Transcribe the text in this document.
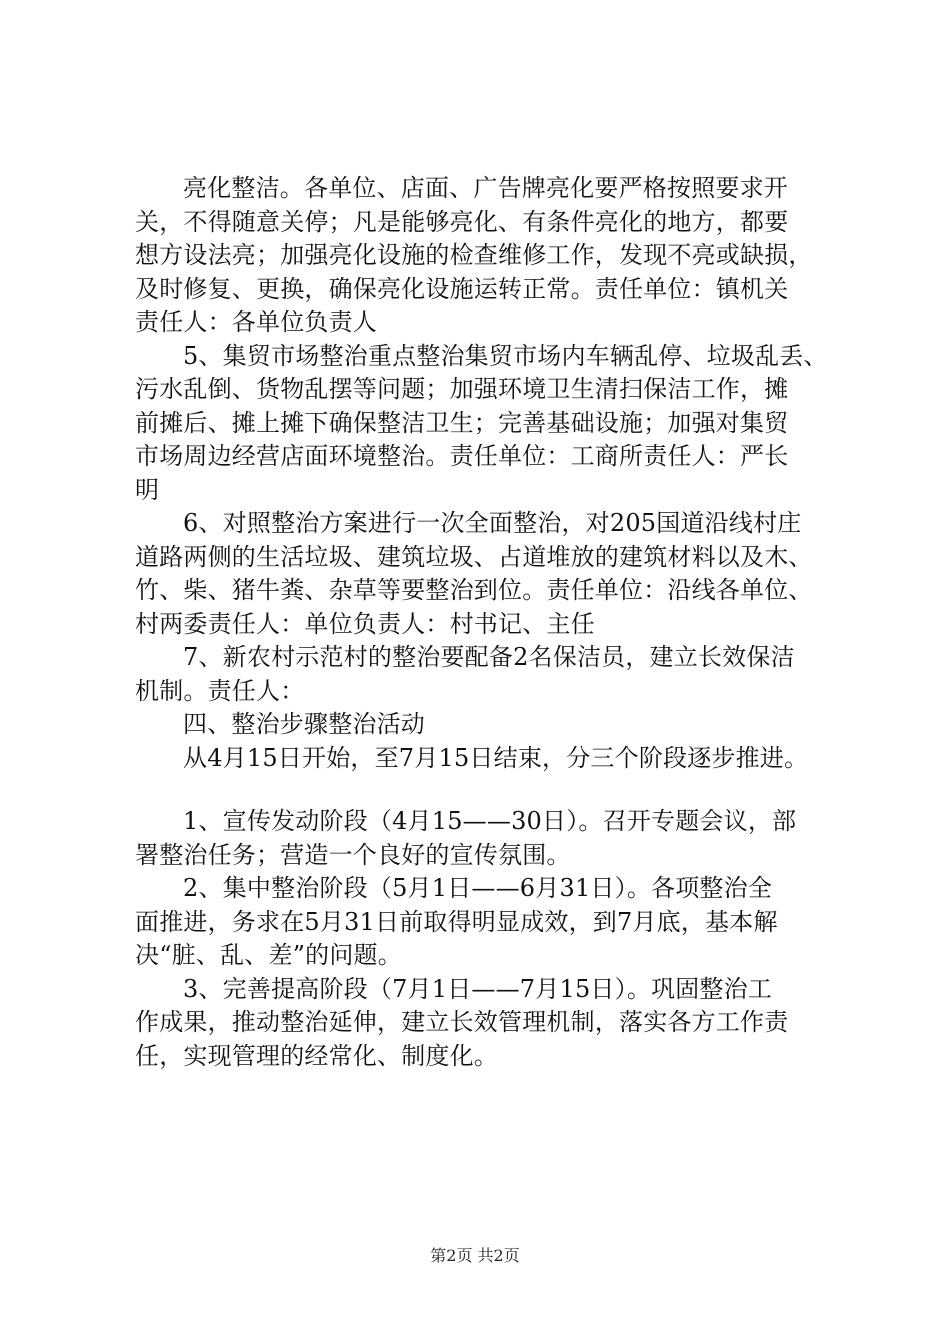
亮化整洁。各单位、店面、广告牌亮化要严格按照要求开
关，不得随意关停；凡是能够亮化、有条件亮化的地方，都要
想方设法亮；加强亮化设施的检查维修工作，发现不亮或缺损，
及时修复、更换，确保亮化设施运转正常。责任单位：镇机关
责任人：各单位负责人
5、集贸市场整治重点整治集贸市场内车辆乱停、垃圾乱丢、
污水乱倒、货物乱摆等问题；加强环境卫生清扫保洁工作，摊
前摊后、摊上摊下确保整洁卫生；完善基础设施；加强对集贸
市场周边经营店面环境整治。责任单位：工商所责任人：严长
明
6、对照整治方案进行一次全面整治，对205国道沿线村庄
道路两侧的生活垃圾、建筑垃圾、占道堆放的建筑材料以及木、
竹、柴、猪牛粪、杂草等要整治到位。责任单位：沿线各单位、
村两委责任人：单位负责人：村书记、主任
7、新农村示范村的整治要配备2名保洁员，建立长效保洁
机制。责任人：
四、整治步骤整治活动
从4月15日开始，至7月15日结束，分三个阶段逐步推进。
1、宣传发动阶段（4月15——30日）。召开专题会议，部
署整治任务；营造一个良好的宣传氛围。
2、集中整治阶段（5月1日——6月31日）。各项整治全
面推进，务求在5月31日前取得明显成效，到7月底，基本解
决“脏、乱、差”的问题。
3、完善提高阶段（7月1日——7月15日）。巩固整治工
作成果，推动整治延伸，建立长效管理机制，落实各方工作责
任，实现管理的经常化、制度化。
第2页 共2页
